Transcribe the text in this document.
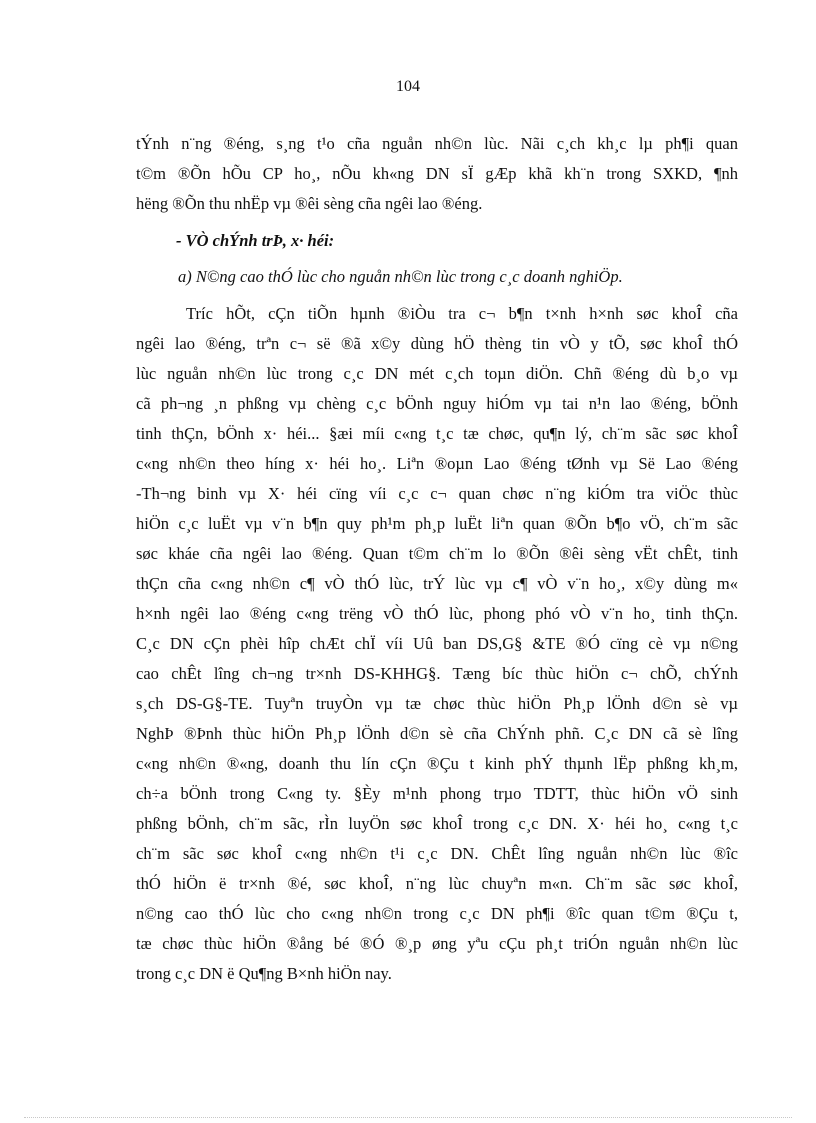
104
tÝnh n¨ng ®éng, s¸ng t¹o cña nguån nh©n lùc. Nãi c¸ch kh¸c lµ ph¶i quan
t©m ®Õn hÕu CP ho¸, nÕu kh«ng DN sÏ gÆp khã kh¨n trong SXKD, ¶nh
hëng ®Õn thu nhËp vµ ®êi sèng cña ngêi lao ®éng.
- VÒ chÝnh trÞ, x· héi:
a) N©ng cao thÓ lùc cho nguån nh©n lùc trong c¸c doanh nghiÖp.
Tríc hÕt, cÇn tiÕn hµnh ®iÒu tra c¬ b¶n t×nh h×nh søc khoÎ cña
ngêi lao ®éng, trªn c¬ së ®ã x©y dùng hÖ thèng tin vÒ y tÕ, søc khoÎ thÓ
lùc nguån nh©n lùc trong c¸c DN mét c¸ch toµn diÖn. Chñ ®éng dù b¸o vµ
cã ph¬ng ¸n phßng vµ chèng c¸c bÖnh nguy hiÓm vµ tai n¹n lao ®éng, bÖnh
tinh thÇn, bÖnh x· héi... §æi míi c«ng t¸c tæ chøc, qu¶n lý, ch¨m sãc søc khoÎ
c«ng nh©n theo híng x· héi ho¸. Liªn ®oµn Lao ®éng tØnh vµ Së Lao ®éng
-Th¬ng binh vµ X· héi cïng víi c¸c c¬ quan chøc n¨ng kiÓm tra viÖc thùc
hiÖn c¸c luËt vµ v¨n b¶n quy ph¹m ph¸p luËt liªn quan ®Õn b¶o vÖ, ch¨m sãc
søc kháe cña ngêi lao ®éng. Quan t©m ch¨m lo ®Õn ®êi sèng vËt chÊt, tinh
thÇn cña c«ng nh©n c¶ vÒ thÓ lùc, trÝ lùc vµ c¶ vÒ v¨n ho¸, x©y dùng m«
h×nh ngêi lao ®éng c«ng trëng vÒ thÓ lùc, phong phó vÒ v¨n ho¸ tinh thÇn.
C¸c DN cÇn phèi hîp chÆt chÏ víi Uû ban DS,G§ &TE ®Ó cïng cè vµ n©ng
cao chÊt lîng ch¬ng tr×nh DS-KHHG§. Tæng bíc thùc hiÖn c¬ chÕ, chÝnh
s¸ch DS-G§-TE. Tuyªn truyÒn vµ tæ chøc thùc hiÖn Ph¸p lÖnh d©n sè vµ
NghÞ ®Þnh thùc hiÖn Ph¸p lÖnh d©n sè cña ChÝnh phñ. C¸c DN cã sè lîng
c«ng nh©n ®«ng, doanh thu lín cÇn ®Çu t kinh phÝ thµnh lËp phßng kh¸m,
ch÷a bÖnh trong C«ng ty. §Èy m¹nh phong trµo TDTT, thùc hiÖn vÖ sinh
phßng bÖnh, ch¨m sãc, rÌn luyÖn søc khoÎ trong c¸c DN. X· héi ho¸ c«ng t¸c
ch¨m sãc søc khoÎ c«ng nh©n t¹i c¸c DN. ChÊt lîng nguån nh©n lùc ®îc
thÓ hiÖn ë tr×nh ®é, søc khoÎ, n¨ng lùc chuyªn m«n. Ch¨m sãc søc khoÎ,
n©ng cao thÓ lùc cho c«ng nh©n trong c¸c DN ph¶i ®îc quan t©m ®Çu t,
tæ chøc thùc hiÖn ®ång bé ®Ó ®¸p øng yªu cÇu ph¸t triÓn nguån nh©n lùc
trong c¸c DN ë Qu¶ng B×nh hiÖn nay.
